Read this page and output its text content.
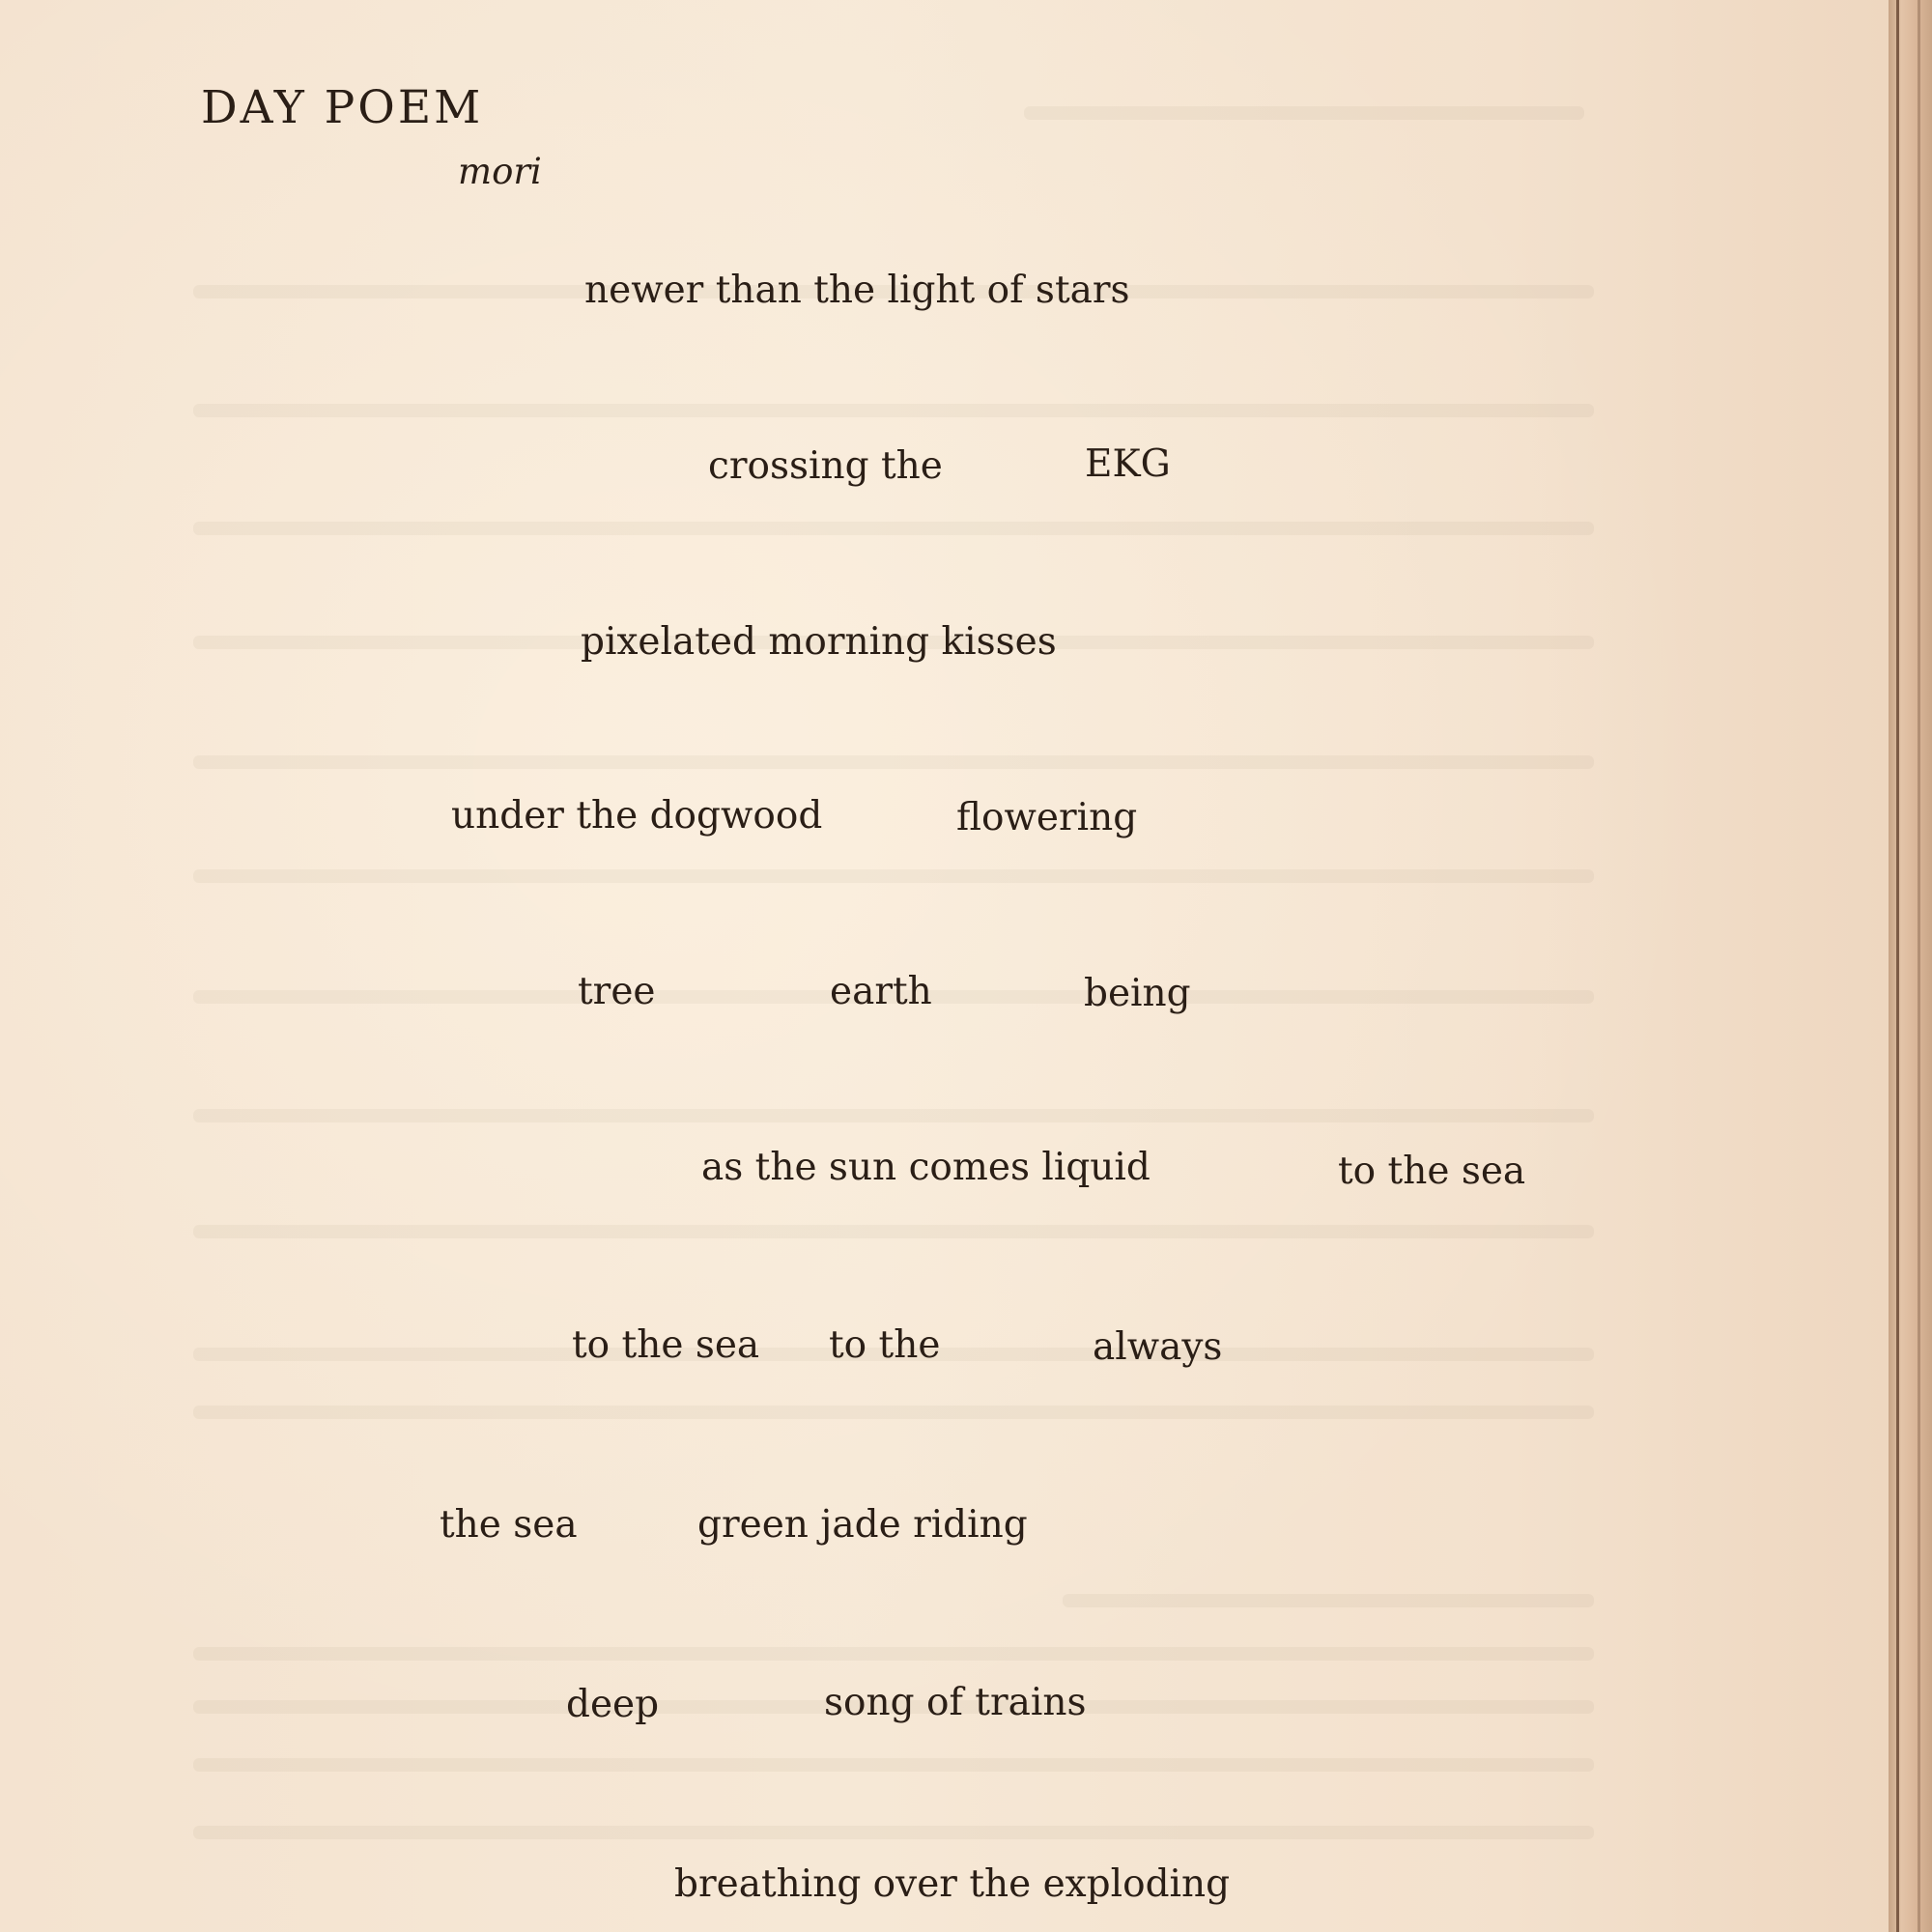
DAY POEM
mori
newer than the light of stars
crossing the	EKG
pixelated morning kisses
under the dogwood	flowering
tree	earth	being
as the sun comes liquid	to the sea
to the sea to the	always
the sea	green jade riding
deep	song of trains
breathing over the exploding
